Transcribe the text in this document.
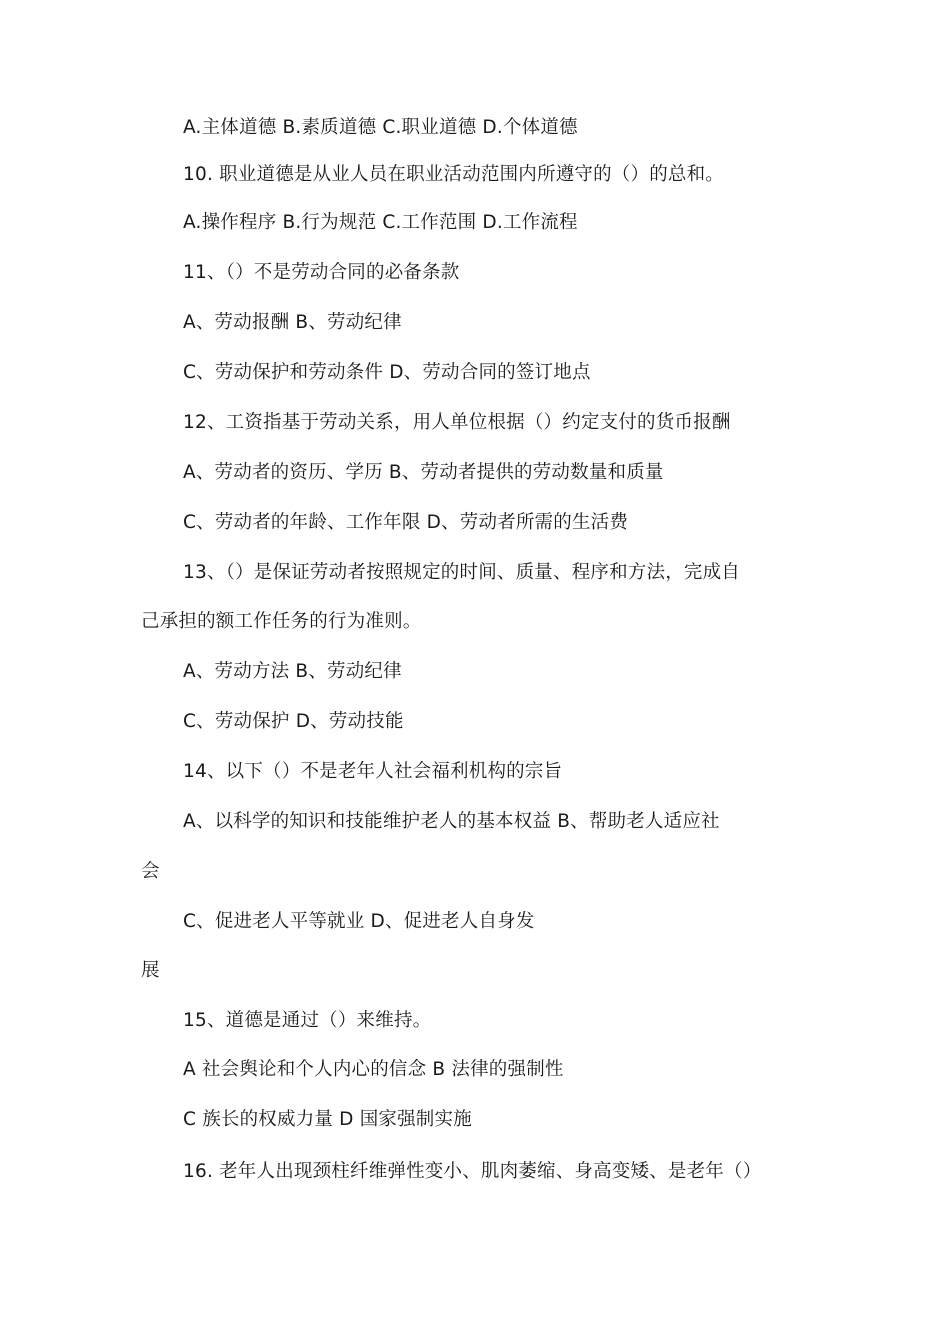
A.主体道德 B.素质道德 C.职业道德 D.个体道德
10. 职业道德是从业人员在职业活动范围内所遵守的（）的总和。
A.操作程序 B.行为规范 C.工作范围 D.工作流程
11、（）不是劳动合同的必备条款
A、劳动报酬 B、劳动纪律
C、劳动保护和劳动条件 D、劳动合同的签订地点
12、工资指基于劳动关系，用人单位根据（）约定支付的货币报酬
A、劳动者的资历、学历 B、劳动者提供的劳动数量和质量
C、劳动者的年龄、工作年限 D、劳动者所需的生活费
13、（）是保证劳动者按照规定的时间、质量、程序和方法，完成自
己承担的额工作任务的行为准则。
A、劳动方法 B、劳动纪律
C、劳动保护 D、劳动技能
14、以下（）不是老年人社会福利机构的宗旨
A、以科学的知识和技能维护老人的基本权益 B、帮助老人适应社
会
C、促进老人平等就业 D、促进老人自身发
展
15、道德是通过（）来维持。
A 社会舆论和个人内心的信念 B 法律的强制性
C 族长的权威力量 D 国家强制实施
16. 老年人出现颈柱纤维弹性变小、肌肉萎缩、身高变矮、是老年（）
